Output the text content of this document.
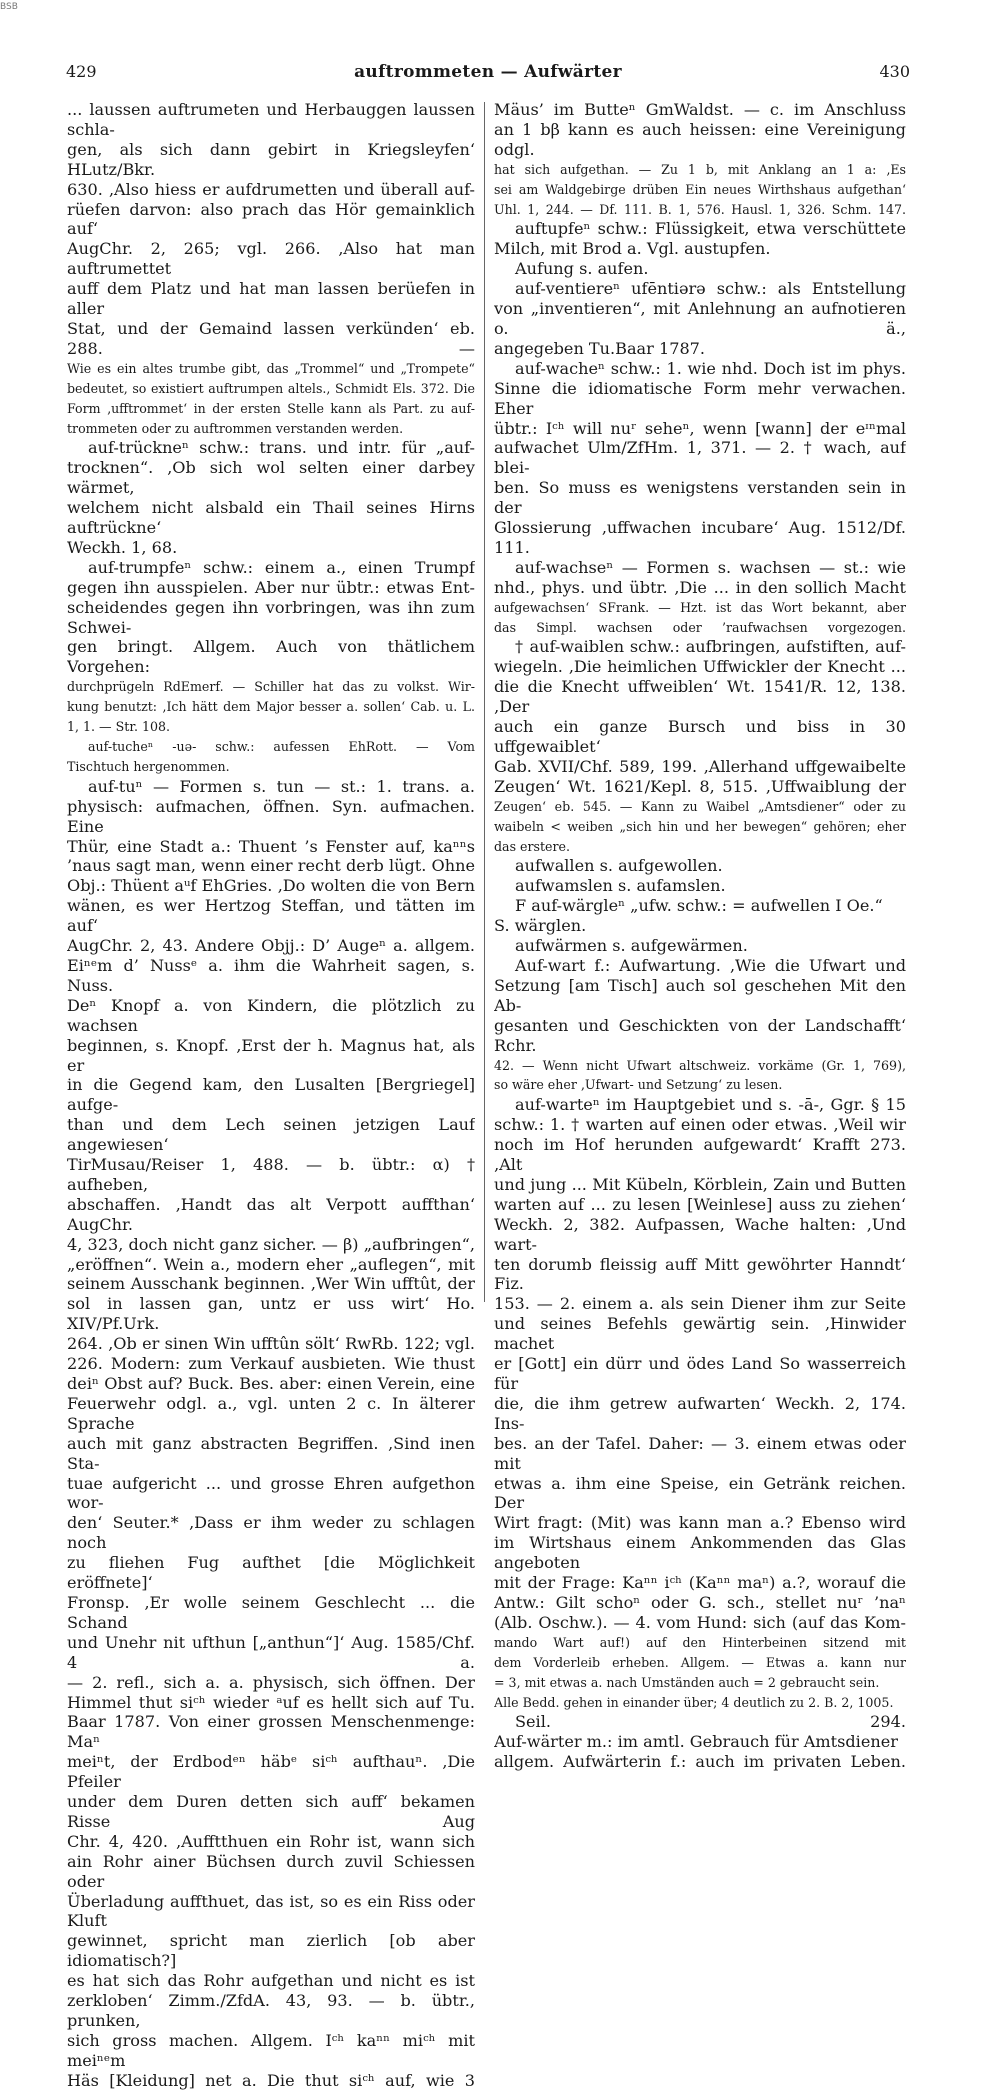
BSB
429	auftrommeten — Aufwärter	430
... laussen auftrumeten und Herbauggen laussen schla-
gen, als sich dann gebirt in Kriegsleyfen‘ HLutz/Bkr.
630. ‚Also hiess er aufdrumetten und überall auf-
rüefen darvon: also prach das Hör gemainklich auf‘
AugChr. 2, 265; vgl. 266. ‚Also hat man auftrumettet
auff dem Platz und hat man lassen berüefen in aller
Stat, und der Gemaind lassen verkünden‘ eb. 288. —
Wie es ein altes trumbe gibt, das „Trommel“ und „Trompete“
bedeutet, so existiert auftrumpen altels., Schmidt Els. 372. Die
Form ‚ufftrommet‘ in der ersten Stelle kann als Part. zu auf-
trommeten oder zu auftrommen verstanden werden.
auf-trückneⁿ schw.: trans. und intr. für „auf-
trocknen“. ‚Ob sich wol selten einer darbey wärmet,
welchem nicht alsbald ein Thail seines Hirns auftrückne‘
Weckh. 1, 68.
auf-trumpfeⁿ schw.: einem a., einen Trumpf
gegen ihn ausspielen. Aber nur übtr.: etwas Ent-
scheidendes gegen ihn vorbringen, was ihn zum Schwei-
gen bringt. Allgem. Auch von thätlichem Vorgehen:
durchprügeln RdEmerf. — Schiller hat das zu volkst. Wir-
kung benutzt: ‚Ich hätt dem Major besser a. sollen‘ Cab. u. L.
1, 1. — Str. 108.
auf-tucheⁿ -uə- schw.: aufessen EhRott. — Vom
Tischtuch hergenommen.
auf-tuⁿ — Formen s. tun — st.: 1. trans. a.
physisch: aufmachen, öffnen. Syn. aufmachen. Eine
Thür, eine Stadt a.: Thuent ’s Fenster auf, kaⁿⁿs
’naus sagt man, wenn einer recht derb lügt. Ohne
Obj.: Thüent aᵘf EhGries. ‚Do wolten die von Bern
wänen, es wer Hertzog Steffan, und tätten im auf‘
AugChr. 2, 43. Andere Objj.: D’ Augeⁿ a. allgem.
Eiⁿᵉm d’ Nussᵉ a. ihm die Wahrheit sagen, s. Nuss.
Deⁿ Knopf a. von Kindern, die plötzlich zu wachsen
beginnen, s. Knopf. ‚Erst der h. Magnus hat, als er
in die Gegend kam, den Lusalten [Bergriegel] aufge-
than und dem Lech seinen jetzigen Lauf angewiesen‘
TirMusau/Reiser 1, 488. — b. übtr.: α) † aufheben,
abschaffen. ‚Handt das alt Verpott auffthan‘ AugChr.
4, 323, doch nicht ganz sicher. — β) „aufbringen“,
„eröffnen“. Wein a., modern eher „auflegen“, mit
seinem Ausschank beginnen. ‚Wer Win ufftût, der
sol in lassen gan, untz er uss wirt‘ Ho. XIV/Pf.Urk.
264. ‚Ob er sinen Win ufftûn sölt‘ RwRb. 122; vgl.
226. Modern: zum Verkauf ausbieten. Wie thust
deiⁿ Obst auf? Buck. Bes. aber: einen Verein, eine
Feuerwehr odgl. a., vgl. unten 2 c. In älterer Sprache
auch mit ganz abstracten Begriffen. ‚Sind inen Sta-
tuae aufgericht ... und grosse Ehren aufgethon wor-
den‘ Seuter.* ‚Dass er ihm weder zu schlagen noch
zu fliehen Fug aufthet [die Möglichkeit eröffnete]‘
Fronsp. ‚Er wolle seinem Geschlecht ... die Schand
und Unehr nit ufthun [„anthun“]‘ Aug. 1585/Chf. 4 a.
— 2. refl., sich a. a. physisch, sich öffnen. Der
Himmel thut siᶜʰ wieder ᵃuf es hellt sich auf Tu.
Baar 1787. Von einer grossen Menschenmenge: Maⁿ
meiⁿt, der Erdbodᵉⁿ häbᵉ siᶜʰ aufthauⁿ. ‚Die Pfeiler
under dem Duren detten sich auff‘ bekamen Risse Aug
Chr. 4, 420. ‚Aufftthuen ein Rohr ist, wann sich
ain Rohr ainer Büchsen durch zuvil Schiessen oder
Überladung auffthuet, das ist, so es ein Riss oder Kluft
gewinnet, spricht man zierlich [ob aber idiomatisch?]
es hat sich das Rohr aufgethan und nicht es ist
zerkloben‘ Zimm./ZfdA. 43, 93. — b. übtr., prunken,
sich gross machen. Allgem. Iᶜʰ kaⁿⁿ miᶜʰ mit meiⁿᵉm
Häs [Kleidung] net a. Die thut siᶜʰ auf, wie 3
Mäus’ im Butteⁿ GmWaldst. — c. im Anschluss
an 1 bβ kann es auch heissen: eine Vereinigung odgl.
hat sich aufgethan. — Zu 1 b, mit Anklang an 1 a: ‚Es
sei am Waldgebirge drüben Ein neues Wirthshaus aufgethan‘
Uhl. 1, 244. — Df. 111. B. 1, 576. Hausl. 1, 326. Schm. 147.
auftupfeⁿ schw.: Flüssigkeit, etwa verschüttete
Milch, mit Brod a. Vgl. austupfen.
Aufung s. aufen.
auf-ventiereⁿ ufēntiərə schw.: als Entstellung
von „inventieren“, mit Anlehnung an aufnotieren o. ä.,
angegeben Tu.Baar 1787.
auf-wacheⁿ schw.: 1. wie nhd. Doch ist im phys.
Sinne die idiomatische Form mehr verwachen. Eher
übtr.: Iᶜʰ will nuʳ seheⁿ, wenn [wann] der eᶦⁿmal
aufwachet Ulm/ZfHm. 1, 371. — 2. † wach, auf blei-
ben. So muss es wenigstens verstanden sein in der
Glossierung ‚uffwachen incubare‘ Aug. 1512/Df. 111.
auf-wachseⁿ — Formen s. wachsen — st.: wie
nhd., phys. und übtr. ‚Die ... in den sollich Macht
aufgewachsen‘ SFrank. — Hzt. ist das Wort bekannt, aber
das Simpl. wachsen oder ’raufwachsen vorgezogen.
† auf-waiblen schw.: aufbringen, aufstiften, auf-
wiegeln. ‚Die heimlichen Uffwickler der Knecht ...
die die Knecht uffweiblen‘ Wt. 1541/R. 12, 138. ‚Der
auch ein ganze Bursch und biss in 30 uffgewaiblet‘
Gab. XVII/Chf. 589, 199. ‚Allerhand uffgewaibelte
Zeugen‘ Wt. 1621/Kepl. 8, 515. ‚Uffwaiblung der
Zeugen‘ eb. 545. — Kann zu Waibel „Amtsdiener“ oder zu
waibeln < weiben „sich hin und her bewegen“ gehören; eher
das erstere.
aufwallen s. aufgewollen.
aufwamslen s. aufamslen.
F auf-wärgleⁿ „ufw. schw.: = aufwellen I Oe.“
S. wärglen.
aufwärmen s. aufgewärmen.
Auf-wart f.: Aufwartung. ‚Wie die Ufwart und
Setzung [am Tisch] auch sol geschehen Mit den Ab-
gesanten und Geschickten von der Landschafft‘ Rchr.
42. — Wenn nicht Ufwart altschweiz. vorkäme (Gr. 1, 769),
so wäre eher ‚Ufwart- und Setzung‘ zu lesen.
auf-warteⁿ im Hauptgebiet und s. -ā-, Ggr. § 15
schw.: 1. † warten auf einen oder etwas. ‚Weil wir
noch im Hof herunden aufgewardt‘ Krafft 273. ‚Alt
und jung ... Mit Kübeln, Körblein, Zain und Butten
warten auf ... zu lesen [Weinlese] auss zu ziehen‘
Weckh. 2, 382. Aufpassen, Wache halten: ‚Und wart-
ten dorumb fleissig auff Mitt gewöhrter Hanndt‘ Fiz.
153. — 2. einem a. als sein Diener ihm zur Seite
und seines Befehls gewärtig sein. ‚Hinwider machet
er [Gott] ein dürr und ödes Land So wasserreich für
die, die ihm getrew aufwarten‘ Weckh. 2, 174. Ins-
bes. an der Tafel. Daher: — 3. einem etwas oder mit
etwas a. ihm eine Speise, ein Getränk reichen. Der
Wirt fragt: (Mit) was kann man a.? Ebenso wird
im Wirtshaus einem Ankommenden das Glas angeboten
mit der Frage: Kaⁿⁿ iᶜʰ (Kaⁿⁿ maⁿ) a.?, worauf die
Antw.: Gilt schoⁿ oder G. sch., stellet nuʳ ’naⁿ
(Alb. Oschw.). — 4. vom Hund: sich (auf das Kom-
mando Wart auf!) auf den Hinterbeinen sitzend mit
dem Vorderleib erheben. Allgem. — Etwas a. kann nur
= 3, mit etwas a. nach Umständen auch = 2 gebraucht sein.
Alle Bedd. gehen in einander über; 4 deutlich zu 2. B. 2, 1005.
Seil. 294.
Auf-wärter m.: im amtl. Gebrauch für Amtsdiener
allgem. Aufwärterin f.: auch im privaten Leben.
